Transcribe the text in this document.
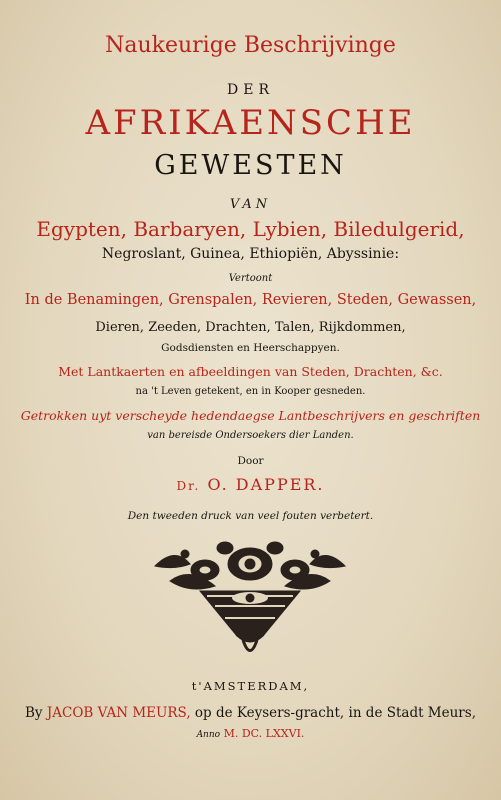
Naukeurige Beschrijvinge
DER
AFRIKAENSCHE
GEWESTEN
VAN
Egypten, Barbaryen, Lybien, Biledulgerid,
Negroslant, Guinea, Ethiopiën, Abyssinie:
Vertoont
In de Benamingen, Grenspalen, Revieren, Steden, Gewassen,
Dieren, Zeeden, Drachten, Talen, Rijkdommen,
Godsdiensten en Heerschappyen.
Met Lantkaerten en afbeeldingen van Steden, Drachten, &c.
na 't Leven getekent, en in Kooper gesneden.
Getrokken uyt verscheyde hedendaegse Lantbeschrijvers en geschriften
van bereisde Ondersoekers dier Landen.
Door
Dr. O. DAPPER.
Den tweeden druck van veel fouten verbetert.
t'AMSTERDAM,
By JACOB VAN MEURS, op de Keysers-gracht, in de Stadt Meurs,
Anno M. DC. LXXVI.
